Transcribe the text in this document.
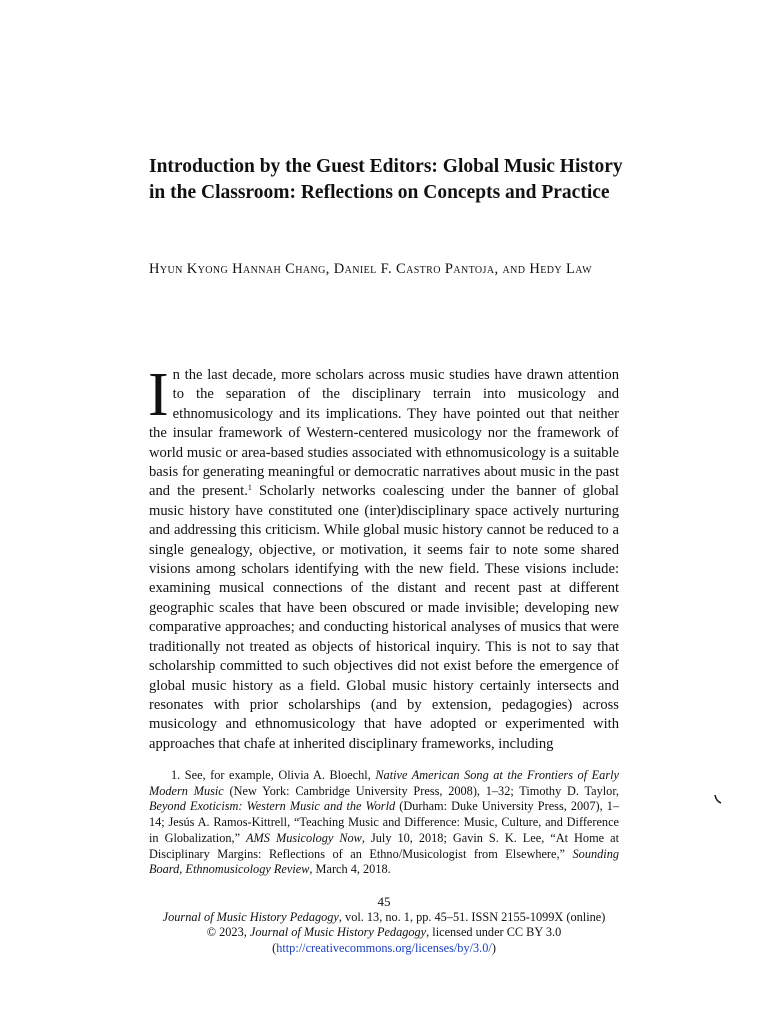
Introduction by the Guest Editors: Global Music History in the Classroom: Reflections on Concepts and Practice

Hyun Kyong Hannah Chang, Daniel F. Castro Pantoja, and Hedy Law

In the last decade, more scholars across music studies have drawn attention to the separation of the disciplinary terrain into musicology and ethnomusicology and its implications. They have pointed out that neither the insular framework of Western-centered musicology nor the framework of world music or area-based studies associated with ethnomusicology is a suitable basis for generating meaningful or democratic narratives about music in the past and the present.$^1$ Scholarly networks coalescing under the banner of global music history have constituted one (inter)disciplinary space actively nurturing and addressing this criticism. While global music history cannot be reduced to a single genealogy, objective, or motivation, it seems fair to note some shared visions among scholars identifying with the new field. These visions include: examining musical connections of the distant and recent past at different geographic scales that have been obscured or made invisible; developing new comparative approaches; and conducting historical analyses of musics that were traditionally not treated as objects of historical inquiry. This is not to say that scholarship committed to such objectives did not exist before the emergence of global music history as a field. Global music history certainly intersects and resonates with prior scholarships (and by extension, pedagogies) across musicology and ethnomusicology that have adopted or experimented with approaches that chafe at inherited disciplinary frameworks, including

1. See, for example, Olivia A. Bloechl, Native American Song at the Frontiers of Early Modern Music (New York: Cambridge University Press, 2008), 1–32; Timothy D. Taylor, Beyond Exoticism: Western Music and the World (Durham: Duke University Press, 2007), 1–14; Jesús A. Ramos-Kittrell, “Teaching Music and Difference: Music, Culture, and Difference in Globalization,” AMS Musicology Now, July 10, 2018; Gavin S. K. Lee, “At Home at Disciplinary Margins: Reflections of an Ethno/Musicologist from Elsewhere,” Sounding Board, Ethnomusicology Review, March 4, 2018.

45
Journal of Music History Pedagogy, vol. 13, no. 1, pp. 45–51. ISSN 2155-1099X (online)
© 2023, Journal of Music History Pedagogy, licensed under CC BY 3.0
(http://creativecommons.org/licenses/by/3.0/)
